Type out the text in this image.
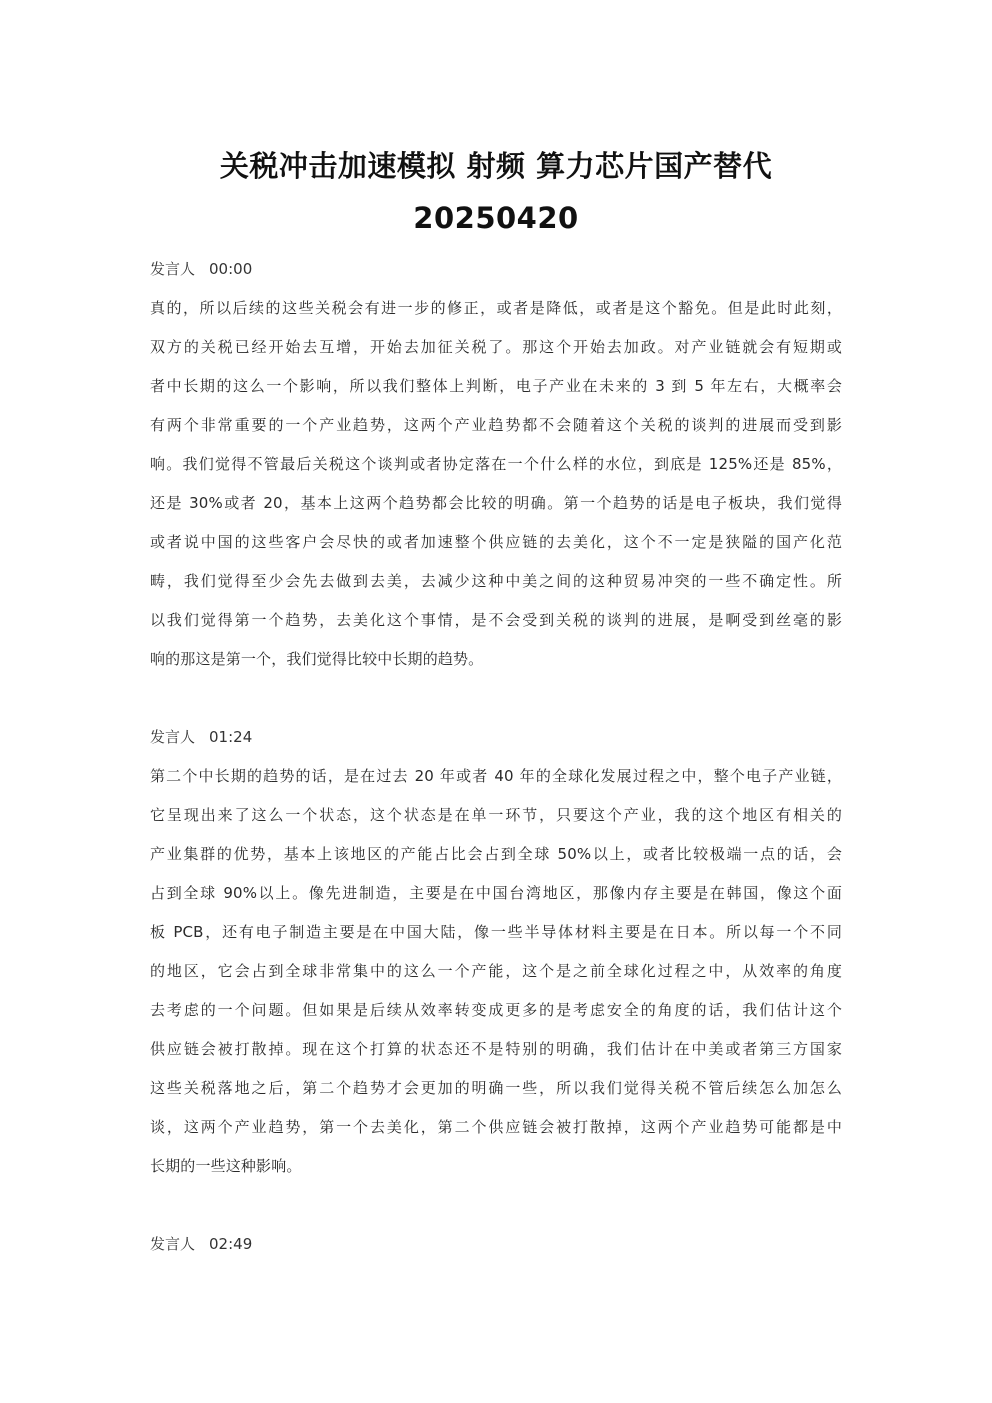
关税冲击加速模拟 射频 算力芯片国产替代
20250420
发言人 00:00
真的，所以后续的这些关税会有进一步的修正，或者是降低，或者是这个豁免。但是此时此刻，
双方的关税已经开始去互增，开始去加征关税了。那这个开始去加政。对产业链就会有短期或
者中长期的这么一个影响，所以我们整体上判断，电子产业在未来的 3 到 5 年左右，大概率会
有两个非常重要的一个产业趋势，这两个产业趋势都不会随着这个关税的谈判的进展而受到影
响。我们觉得不管最后关税这个谈判或者协定落在一个什么样的水位，到底是 125%还是 85%，
还是 30%或者 20，基本上这两个趋势都会比较的明确。第一个趋势的话是电子板块，我们觉得
或者说中国的这些客户会尽快的或者加速整个供应链的去美化，这个不一定是狭隘的国产化范
畴，我们觉得至少会先去做到去美，去减少这种中美之间的这种贸易冲突的一些不确定性。所
以我们觉得第一个趋势，去美化这个事情，是不会受到关税的谈判的进展，是啊受到丝毫的影
响的那这是第一个，我们觉得比较中长期的趋势。
发言人 01:24
第二个中长期的趋势的话，是在过去 20 年或者 40 年的全球化发展过程之中，整个电子产业链，
它呈现出来了这么一个状态，这个状态是在单一环节，只要这个产业，我的这个地区有相关的
产业集群的优势，基本上该地区的产能占比会占到全球 50%以上，或者比较极端一点的话，会
占到全球 90%以上。像先进制造，主要是在中国台湾地区，那像内存主要是在韩国，像这个面
板 PCB，还有电子制造主要是在中国大陆，像一些半导体材料主要是在日本。所以每一个不同
的地区，它会占到全球非常集中的这么一个产能，这个是之前全球化过程之中，从效率的角度
去考虑的一个问题。但如果是后续从效率转变成更多的是考虑安全的角度的话，我们估计这个
供应链会被打散掉。现在这个打算的状态还不是特别的明确，我们估计在中美或者第三方国家
这些关税落地之后，第二个趋势才会更加的明确一些，所以我们觉得关税不管后续怎么加怎么
谈，这两个产业趋势，第一个去美化，第二个供应链会被打散掉，这两个产业趋势可能都是中
长期的一些这种影响。
发言人 02:49
